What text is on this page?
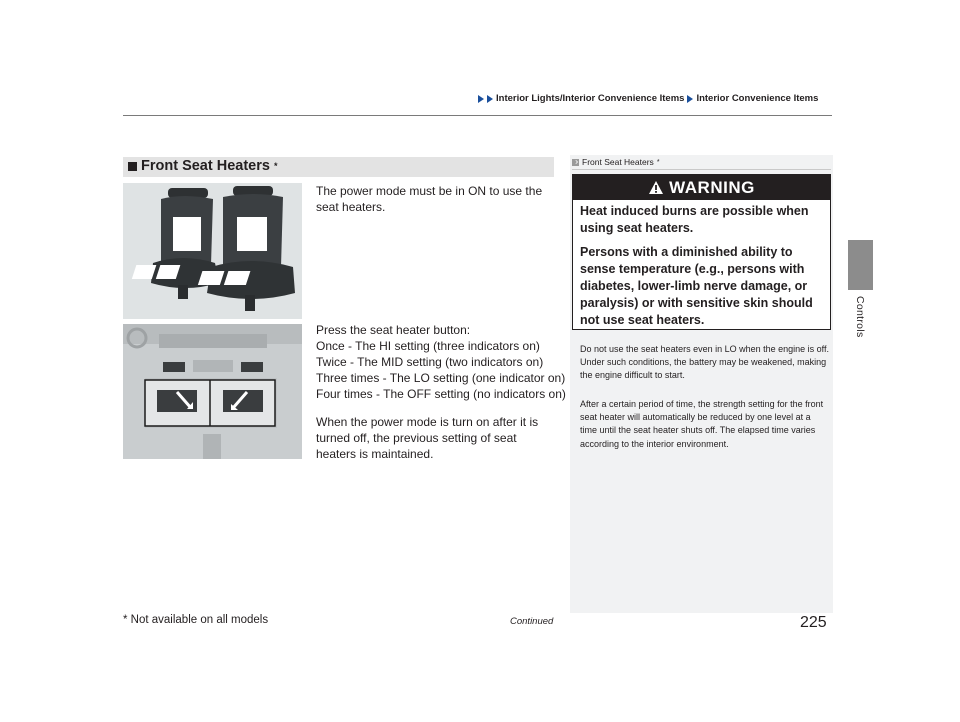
Interior Lights/Interior Convenience Items Interior Convenience Items
Controls
Front Seat Heaters *
The power mode must be in ON to use the seat heaters.
Press the seat heater button:
Once - The HI setting (three indicators on)
Twice - The MID setting (two indicators on)
Three times - The LO setting (one indicator on)
Four times - The OFF setting (no indicators on)
When the power mode is turn on after it is turned off, the previous setting of seat heaters is maintained.
Front Seat Heaters *
WARNING
Heat induced burns are possible when using seat heaters.
Persons with a diminished ability to sense temperature (e.g., persons with diabetes, lower-limb nerve damage, or paralysis) or with sensitive skin should not use seat heaters.
Do not use the seat heaters even in LO when the engine is off. Under such conditions, the battery may be weakened, making the engine difficult to start.
After a certain period of time, the strength setting for the front seat heater will automatically be reduced by one level at a time until the seat heater shuts off. The elapsed time varies according to the interior environment.
* Not available on all models	Continued	225
